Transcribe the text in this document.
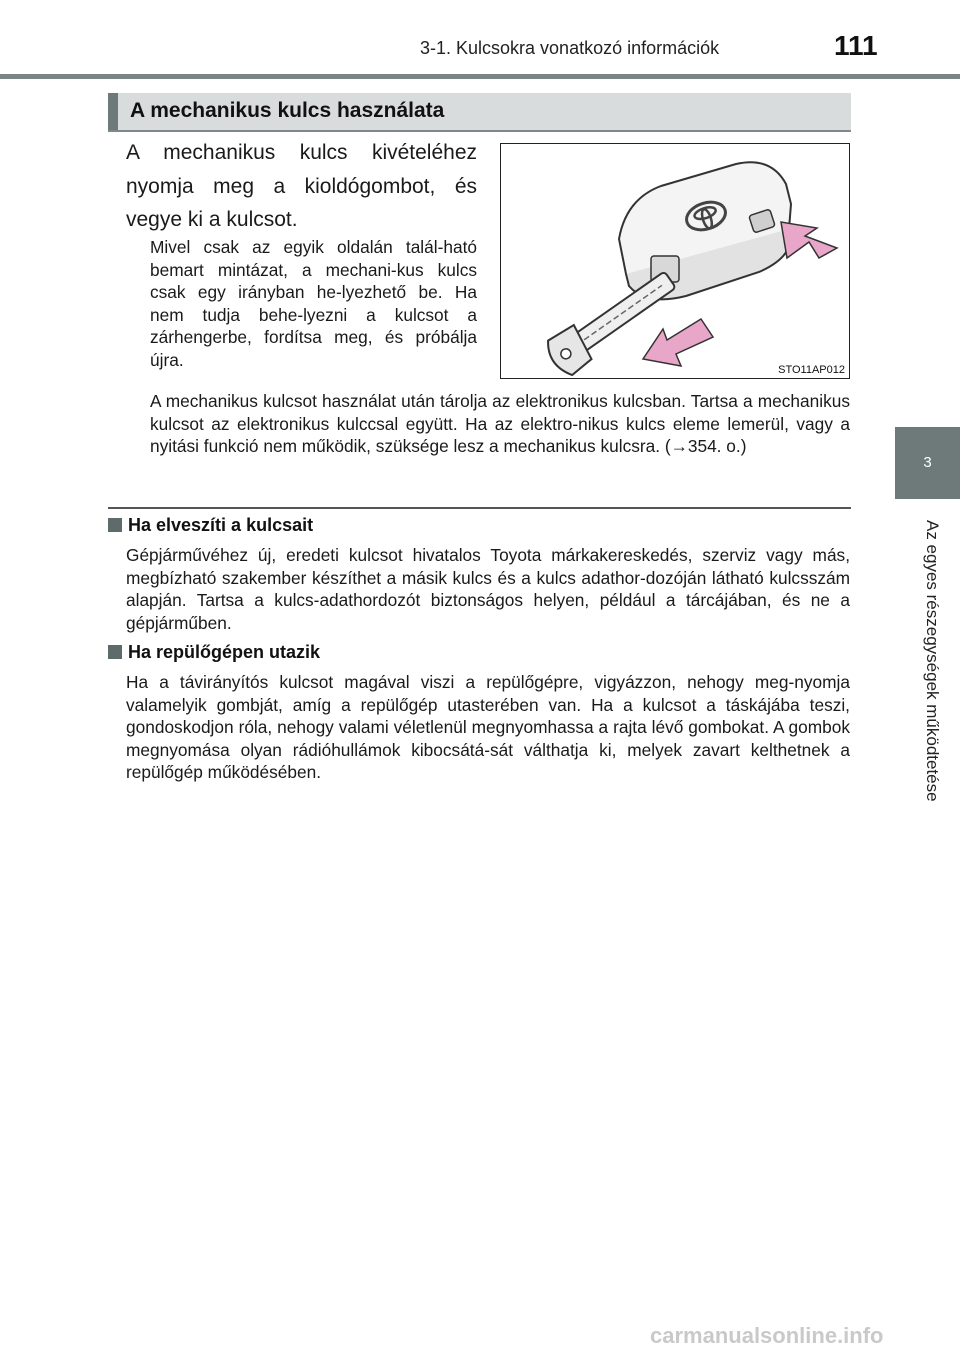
3-1. Kulcsokra vonatkozó információk	111
3
Az egyes részegységek működtetése
A mechanikus kulcs használata

A mechanikus kulcs kivételéhez nyomja meg a kioldógombot, és vegye ki a kulcsot.

Mivel csak az egyik oldalán talál-ható bemart mintázat, a mechani-kus kulcs csak egy irányban he-lyezhető be. Ha nem tudja behe-lyezni a kulcsot a zárhengerbe, fordítsa meg, és próbálja újra.

A mechanikus kulcsot használat után tárolja az elektronikus kulcsban. Tartsa a mechanikus kulcsot az elektronikus kulccsal együtt. Ha az elektro-nikus kulcs eleme lemerül, vagy a nyitási funkció nem működik, szüksége lesz a mechanikus kulcsra. (→354. o.)

STO11AP012
Ha elveszíti a kulcsait

Gépjárművéhez új, eredeti kulcsot hivatalos Toyota márkakereskedés, szerviz vagy más, megbízható szakember készíthet a másik kulcs és a kulcs adathor-dozóján látható kulcsszám alapján. Tartsa a kulcs-adathordozót biztonságos helyen, például a tárcájában, és ne a gépjárműben.

Ha repülőgépen utazik

Ha a távirányítós kulcsot magával viszi a repülőgépre, vigyázzon, nehogy meg-nyomja valamelyik gombját, amíg a repülőgép utasterében van. Ha a kulcsot a táskájába teszi, gondoskodjon róla, nehogy valami véletlenül megnyomhassa a rajta lévő gombokat. A gombok megnyomása olyan rádióhullámok kibocsátá-sát válthatja ki, melyek zavart kelthetnek a repülőgép működésében.

carmanualsonline.info
